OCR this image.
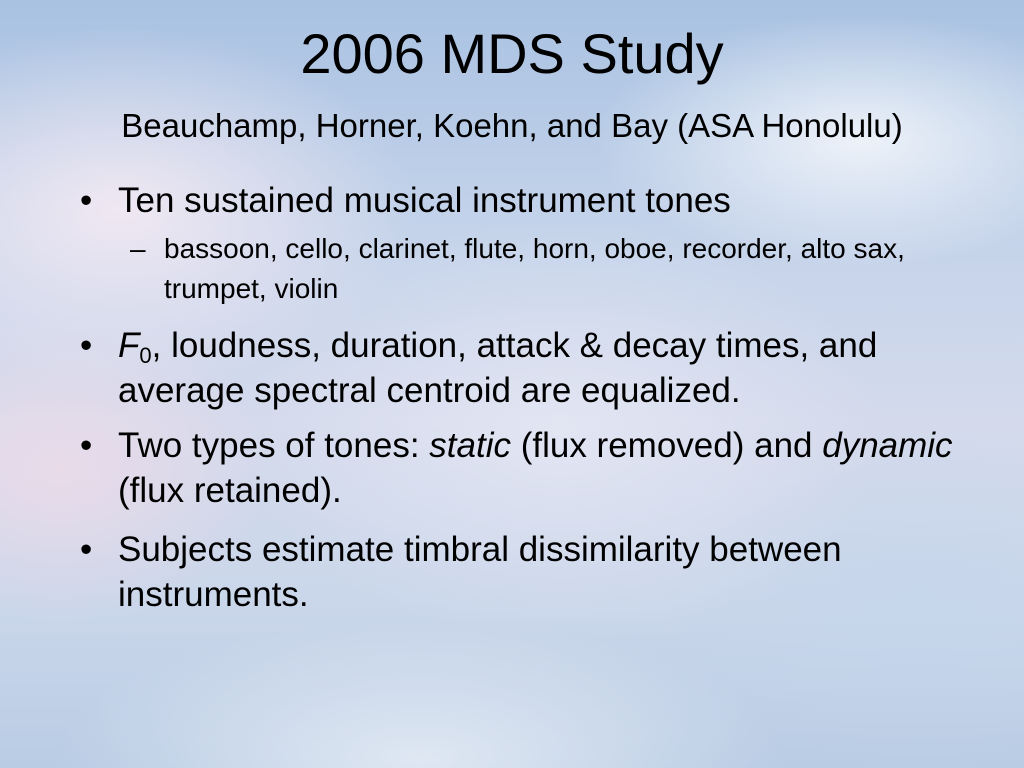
2006 MDS Study
Beauchamp, Horner, Koehn, and Bay (ASA Honolulu)
• Ten sustained musical instrument tones
– bassoon, cello, clarinet, flute, horn, oboe, recorder, alto sax, trumpet, violin
• $F_0$, loudness, duration, attack & decay times, and average spectral centroid are equalized.
• Two types of tones: static (flux removed) and dynamic (flux retained).
• Subjects estimate timbral dissimilarity between instruments.
